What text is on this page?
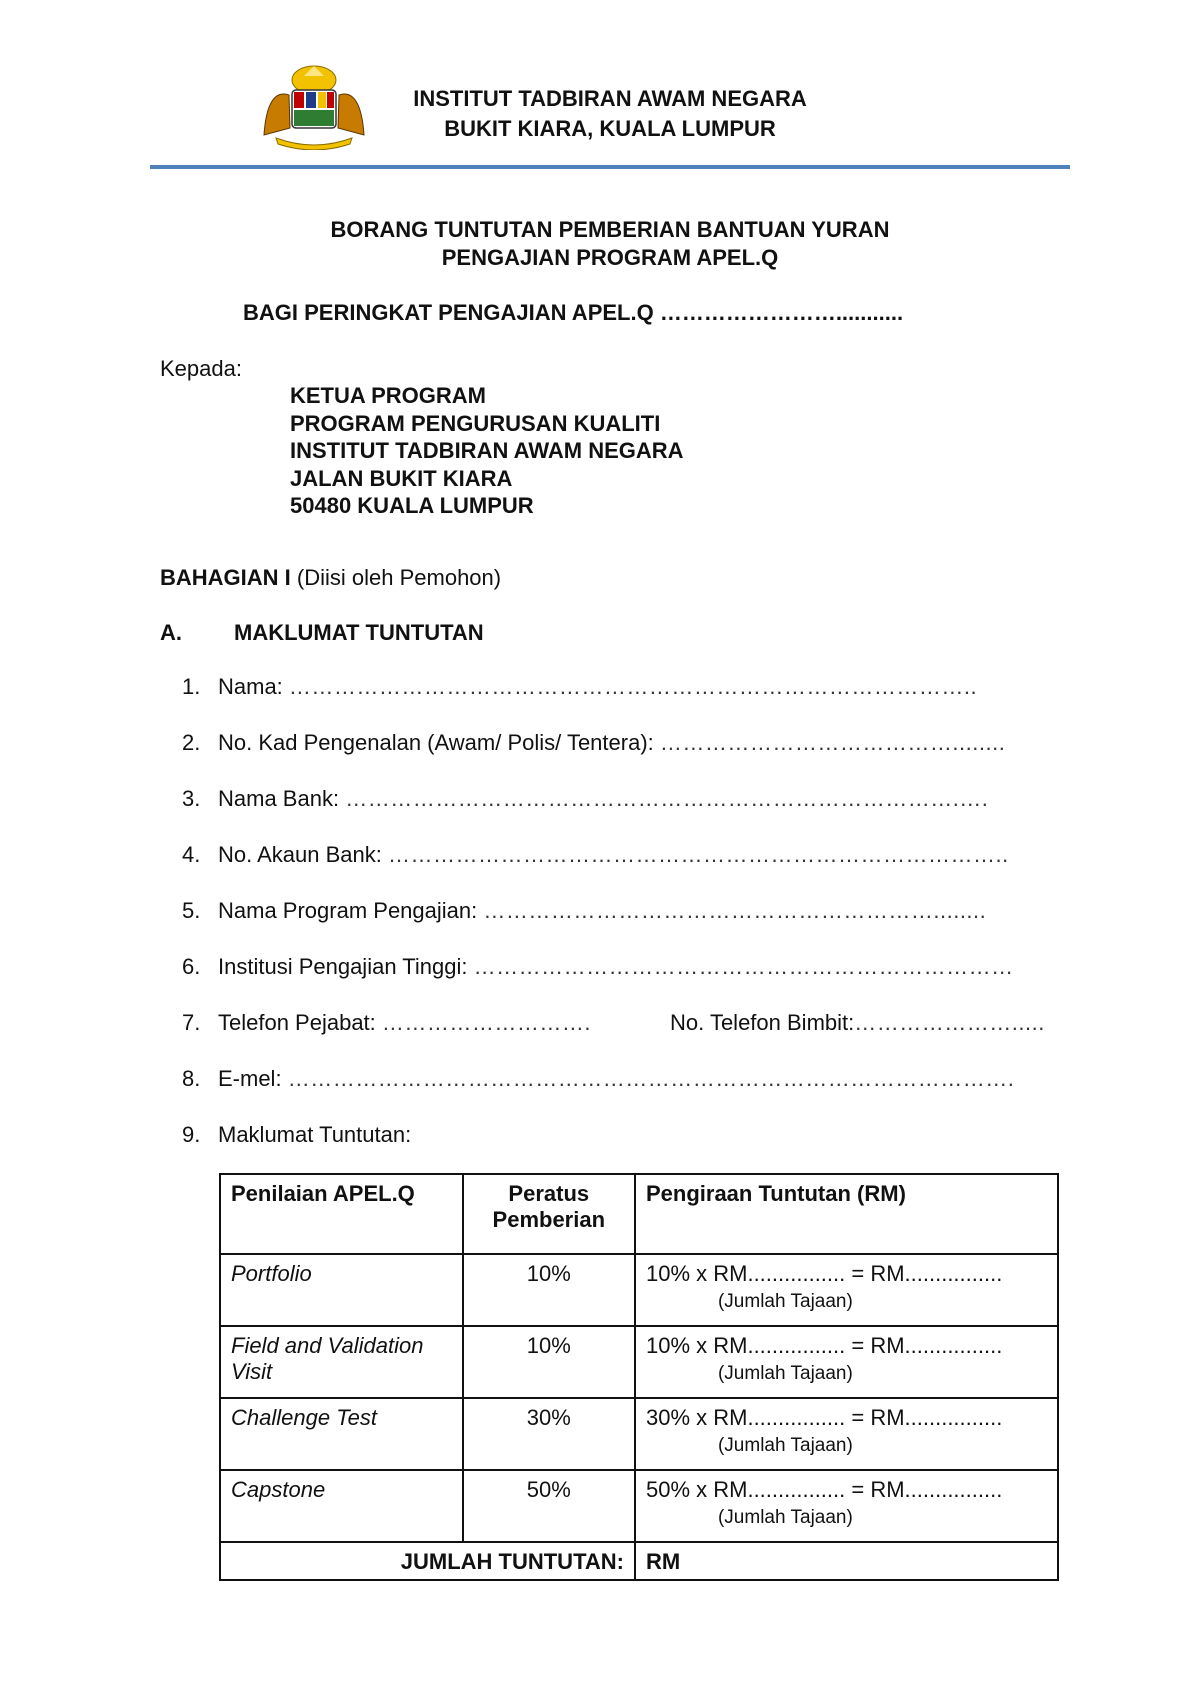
INSTITUT TADBIRAN AWAM NEGARA
BUKIT KIARA, KUALA LUMPUR
BORANG TUNTUTAN PEMBERIAN BANTUAN YURAN
PENGAJIAN PROGRAM APEL.Q
BAGI PERINGKAT PENGAJIAN APEL.Q ……………………...........
Kepada:
KETUA PROGRAM
PROGRAM PENGURUSAN KUALITI
INSTITUT TADBIRAN AWAM NEGARA
JALAN BUKIT KIARA
50480 KUALA LUMPUR
BAHAGIAN I (Diisi oleh Pemohon)
A. MAKLUMAT TUNTUTAN
1. Nama: ………………………………………………………………………………..
2. No. Kad Pengenalan (Awam/ Polis/ Tentera): …………………………………........
3. Nama Bank: ……………………………………………………………………….….
4. No. Akaun Bank: ………………………………………………………………………..
5. Nama Program Pengajian: ……………………………………………………........
6. Institusi Pengajian Tinggi: ………………………………………………………………
7. Telefon Pejabat: ……………………….	No. Telefon Bimbit:………………….....
8. E-mel: …………………………………………………………………………………….
9. Maklumat Tuntutan:
Penilaian APEL.Q	Peratus Pemberian	Pengiraan Tuntutan (RM)
Portfolio	10%	10% x RM................ = RM................
(Jumlah Tajaan)

Field and Validation Visit	10%	10% x RM................ = RM................
(Jumlah Tajaan)

Challenge Test	30%	30% x RM................ = RM................
(Jumlah Tajaan)

Capstone	50%	50% x RM................ = RM................
(Jumlah Tajaan)

JUMLAH TUNTUTAN:		RM
